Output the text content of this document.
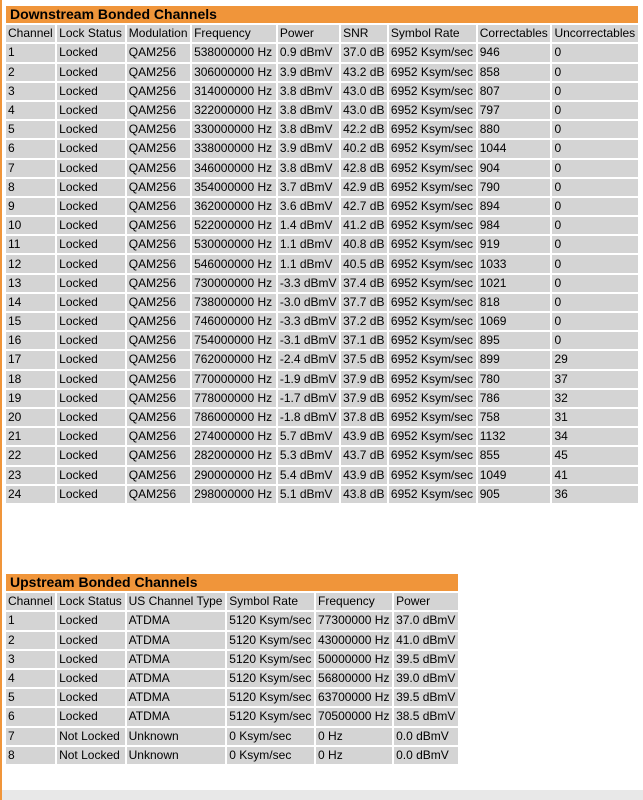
Downstream Bonded Channels								
Channel	Lock Status	Modulation	Frequency	Power	SNR	Symbol Rate	Correctables	Uncorrectables
1	Locked	QAM256	538000000 Hz	0.9 dBmV	37.0 dB	6952 Ksym/sec	946	0
2	Locked	QAM256	306000000 Hz	3.9 dBmV	43.2 dB	6952 Ksym/sec	858	0
3	Locked	QAM256	314000000 Hz	3.8 dBmV	43.0 dB	6952 Ksym/sec	807	0
4	Locked	QAM256	322000000 Hz	3.8 dBmV	43.0 dB	6952 Ksym/sec	797	0
5	Locked	QAM256	330000000 Hz	3.8 dBmV	42.2 dB	6952 Ksym/sec	880	0
6	Locked	QAM256	338000000 Hz	3.9 dBmV	40.2 dB	6952 Ksym/sec	1044	0
7	Locked	QAM256	346000000 Hz	3.8 dBmV	42.8 dB	6952 Ksym/sec	904	0
8	Locked	QAM256	354000000 Hz	3.7 dBmV	42.9 dB	6952 Ksym/sec	790	0
9	Locked	QAM256	362000000 Hz	3.6 dBmV	42.7 dB	6952 Ksym/sec	894	0
10	Locked	QAM256	522000000 Hz	1.4 dBmV	41.2 dB	6952 Ksym/sec	984	0
11	Locked	QAM256	530000000 Hz	1.1 dBmV	40.8 dB	6952 Ksym/sec	919	0
12	Locked	QAM256	546000000 Hz	1.1 dBmV	40.5 dB	6952 Ksym/sec	1033	0
13	Locked	QAM256	730000000 Hz	-3.3 dBmV	37.4 dB	6952 Ksym/sec	1021	0
14	Locked	QAM256	738000000 Hz	-3.0 dBmV	37.7 dB	6952 Ksym/sec	818	0
15	Locked	QAM256	746000000 Hz	-3.3 dBmV	37.2 dB	6952 Ksym/sec	1069	0
16	Locked	QAM256	754000000 Hz	-3.1 dBmV	37.1 dB	6952 Ksym/sec	895	0
17	Locked	QAM256	762000000 Hz	-2.4 dBmV	37.5 dB	6952 Ksym/sec	899	29
18	Locked	QAM256	770000000 Hz	-1.9 dBmV	37.9 dB	6952 Ksym/sec	780	37
19	Locked	QAM256	778000000 Hz	-1.7 dBmV	37.9 dB	6952 Ksym/sec	786	32
20	Locked	QAM256	786000000 Hz	-1.8 dBmV	37.8 dB	6952 Ksym/sec	758	31
21	Locked	QAM256	274000000 Hz	5.7 dBmV	43.9 dB	6952 Ksym/sec	1132	34
22	Locked	QAM256	282000000 Hz	5.3 dBmV	43.7 dB	6952 Ksym/sec	855	45
23	Locked	QAM256	290000000 Hz	5.4 dBmV	43.9 dB	6952 Ksym/sec	1049	41
24	Locked	QAM256	298000000 Hz	5.1 dBmV	43.8 dB	6952 Ksym/sec	905	36
Upstream Bonded Channels					
Channel	Lock Status	US Channel Type	Symbol Rate	Frequency	Power
1	Locked	ATDMA	5120 Ksym/sec	77300000 Hz	37.0 dBmV
2	Locked	ATDMA	5120 Ksym/sec	43000000 Hz	41.0 dBmV
3	Locked	ATDMA	5120 Ksym/sec	50000000 Hz	39.5 dBmV
4	Locked	ATDMA	5120 Ksym/sec	56800000 Hz	39.0 dBmV
5	Locked	ATDMA	5120 Ksym/sec	63700000 Hz	39.5 dBmV
6	Locked	ATDMA	5120 Ksym/sec	70500000 Hz	38.5 dBmV
7	Not Locked	Unknown	0 Ksym/sec	0 Hz	0.0 dBmV
8	Not Locked	Unknown	0 Ksym/sec	0 Hz	0.0 dBmV
